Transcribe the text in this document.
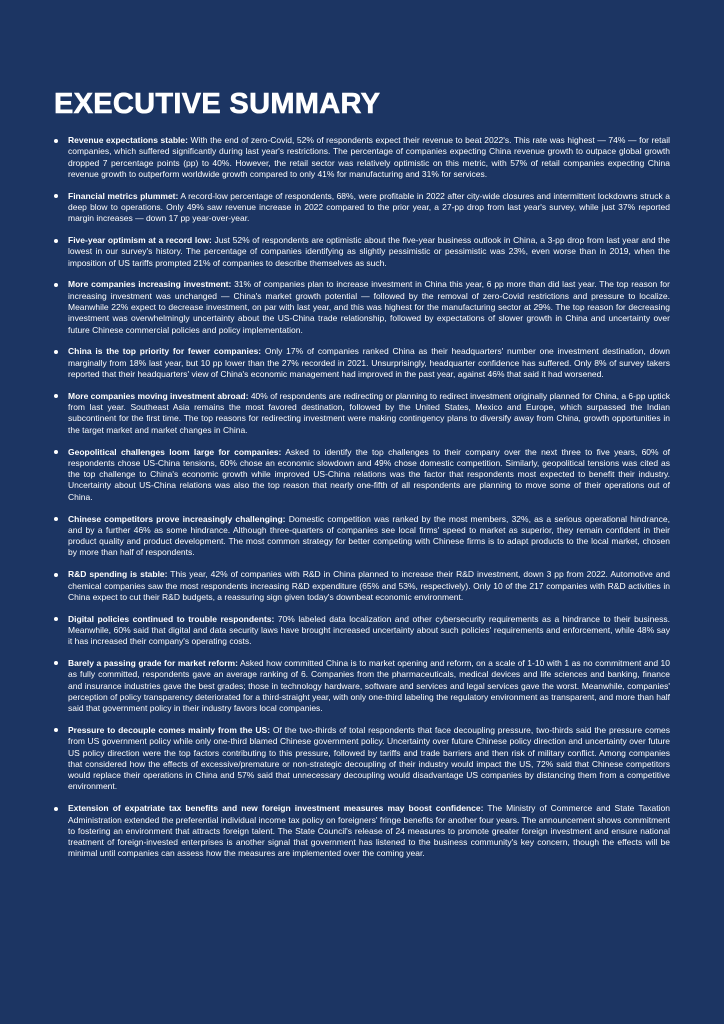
EXECUTIVE SUMMARY
Revenue expectations stable: With the end of zero-Covid, 52% of respondents expect their revenue to beat 2022's. This rate was highest — 74% — for retail companies, which suffered significantly during last year's restrictions. The percentage of companies expecting China revenue growth to outpace global growth dropped 7 percentage points (pp) to 40%. However, the retail sector was relatively optimistic on this metric, with 57% of retail companies expecting China revenue growth to outperform worldwide growth compared to only 41% for manufacturing and 31% for services.
Financial metrics plummet: A record-low percentage of respondents, 68%, were profitable in 2022 after city-wide closures and intermittent lockdowns struck a deep blow to operations. Only 49% saw revenue increase in 2022 compared to the prior year, a 27-pp drop from last year's survey, while just 37% reported margin increases — down 17 pp year-over-year.
Five-year optimism at a record low: Just 52% of respondents are optimistic about the five-year business outlook in China, a 3-pp drop from last year and the lowest in our survey's history. The percentage of companies identifying as slightly pessimistic or pessimistic was 23%, even worse than in 2019, when the imposition of US tariffs prompted 21% of companies to describe themselves as such.
More companies increasing investment: 31% of companies plan to increase investment in China this year, 6 pp more than did last year. The top reason for increasing investment was unchanged — China's market growth potential — followed by the removal of zero-Covid restrictions and pressure to localize. Meanwhile 22% expect to decrease investment, on par with last year, and this was highest for the manufacturing sector at 29%. The top reason for decreasing investment was overwhelmingly uncertainty about the US-China trade relationship, followed by expectations of slower growth in China and uncertainty over future Chinese commercial policies and policy implementation.
China is the top priority for fewer companies: Only 17% of companies ranked China as their headquarters' number one investment destination, down marginally from 18% last year, but 10 pp lower than the 27% recorded in 2021. Unsurprisingly, headquarter confidence has suffered. Only 8% of survey takers reported that their headquarters' view of China's economic management had improved in the past year, against 46% that said it had worsened.
More companies moving investment abroad: 40% of respondents are redirecting or planning to redirect investment originally planned for China, a 6-pp uptick from last year. Southeast Asia remains the most favored destination, followed by the United States, Mexico and Europe, which surpassed the Indian subcontinent for the first time. The top reasons for redirecting investment were making contingency plans to diversify away from China, growth opportunities in the target market and market changes in China.
Geopolitical challenges loom large for companies: Asked to identify the top challenges to their company over the next three to five years, 60% of respondents chose US-China tensions, 60% chose an economic slowdown and 49% chose domestic competition. Similarly, geopolitical tensions was cited as the top challenge to China's economic growth while improved US-China relations was the factor that respondents most expected to benefit their industry. Uncertainty about US-China relations was also the top reason that nearly one-fifth of all respondents are planning to move some of their operations out of China.
Chinese competitors prove increasingly challenging: Domestic competition was ranked by the most members, 32%, as a serious operational hindrance, and by a further 46% as some hindrance. Although three-quarters of companies see local firms' speed to market as superior, they remain confident in their product quality and product development. The most common strategy for better competing with Chinese firms is to adapt products to the local market, chosen by more than half of respondents.
R&D spending is stable: This year, 42% of companies with R&D in China planned to increase their R&D investment, down 3 pp from 2022. Automotive and chemical companies saw the most respondents increasing R&D expenditure (65% and 53%, respectively). Only 10 of the 217 companies with R&D activities in China expect to cut their R&D budgets, a reassuring sign given today's downbeat economic environment.
Digital policies continued to trouble respondents: 70% labeled data localization and other cybersecurity requirements as a hindrance to their business. Meanwhile, 60% said that digital and data security laws have brought increased uncertainty about such policies' requirements and enforcement, while 48% say it has increased their company's operating costs.
Barely a passing grade for market reform: Asked how committed China is to market opening and reform, on a scale of 1-10 with 1 as no commitment and 10 as fully committed, respondents gave an average ranking of 6. Companies from the pharmaceuticals, medical devices and life sciences and banking, finance and insurance industries gave the best grades; those in technology hardware, software and services and legal services gave the worst. Meanwhile, companies' perception of policy transparency deteriorated for a third-straight year, with only one-third labeling the regulatory environment as transparent, and more than half said that government policy in their industry favors local companies.
Pressure to decouple comes mainly from the US: Of the two-thirds of total respondents that face decoupling pressure, two-thirds said the pressure comes from US government policy while only one-third blamed Chinese government policy. Uncertainty over future Chinese policy direction and uncertainty over future US policy direction were the top factors contributing to this pressure, followed by tariffs and trade barriers and then risk of military conflict. Among companies that considered how the effects of excessive/premature or non-strategic decoupling of their industry would impact the US, 72% said that Chinese competitors would replace their operations in China and 57% said that unnecessary decoupling would disadvantage US companies by distancing them from a competitive environment.
Extension of expatriate tax benefits and new foreign investment measures may boost confidence: The Ministry of Commerce and State Taxation Administration extended the preferential individual income tax policy on foreigners' fringe benefits for another four years. The announcement shows commitment to fostering an environment that attracts foreign talent. The State Council's release of 24 measures to promote greater foreign investment and ensure national treatment of foreign-invested enterprises is another signal that government has listened to the business community's key concern, though the effects will be minimal until companies can assess how the measures are implemented over the coming year.
